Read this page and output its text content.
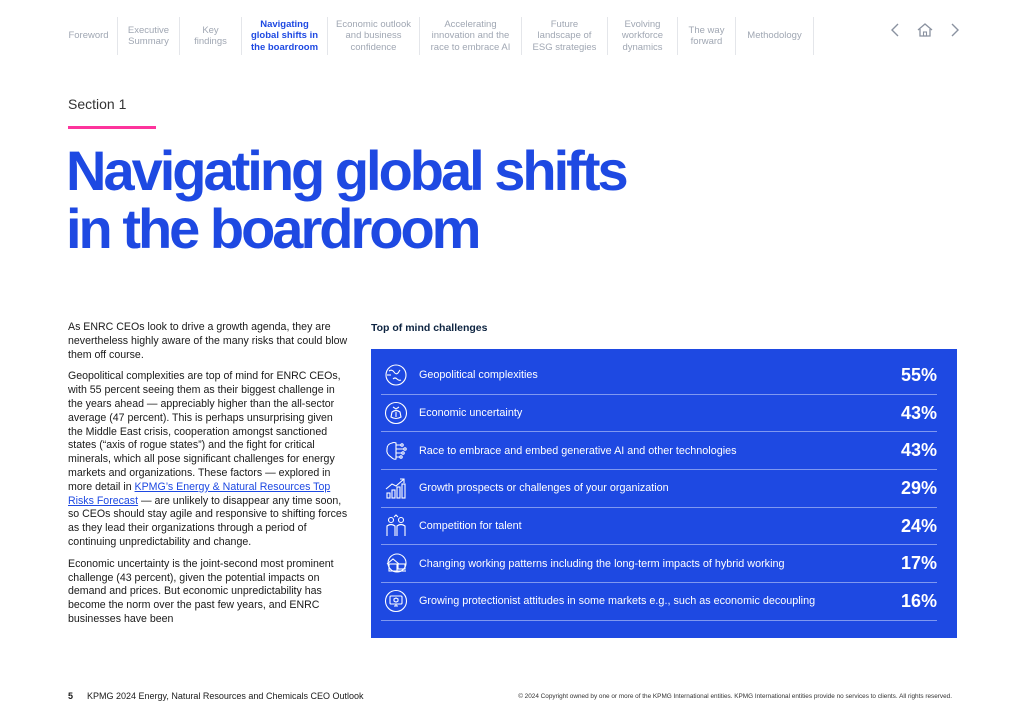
Foreword
Executive
Summary
Key
findings
Navigating
global shifts in
the boardroom
Economic outlook
and business
confidence
Accelerating
innovation and the
race to embrace AI
Future
landscape of
ESG strategies
Evolving
workforce
dynamics
The way
forward
Methodology
Section 1
Navigating global shifts in the boardroom

As ENRC CEOs look to drive a growth agenda, they are nevertheless highly aware of the many risks that could blow them off course.

Geopolitical complexities are top of mind for ENRC CEOs, with 55 percent seeing them as their biggest challenge in the years ahead — appreciably higher than the all-sector average (47 percent). This is perhaps unsurprising given the Middle East crisis, cooperation amongst sanctioned states (“axis of rogue states”) and the fight for critical minerals, which all pose significant challenges for energy markets and organizations. These factors — explored in more detail in KPMG’s Energy & Natural Resources Top Risks Forecast — are unlikely to disappear any time soon, so CEOs should stay agile and responsive to shifting forces as they lead their organizations through a period of continuing unpredictability and change.

Economic uncertainty is the joint-second most prominent challenge (43 percent), given the potential impacts on demand and prices. But economic unpredictability has become the norm over the past few years, and ENRC businesses have been

Top of mind challenges
Geopolitical complexities	55%
Economic uncertainty	43%
Race to embrace and embed generative AI and other technologies	43%
Growth prospects or challenges of your organization	29%
Competition for talent	24%
Changing working patterns including the long-term impacts of hybrid working	17%
Growing protectionist attitudes in some markets e.g., such as economic decoupling	16%
5 KPMG 2024 Energy, Natural Resources and Chemicals CEO Outlook	© 2024 Copyright owned by one or more of the KPMG International entities. KPMG International entities provide no services to clients. All rights reserved.
